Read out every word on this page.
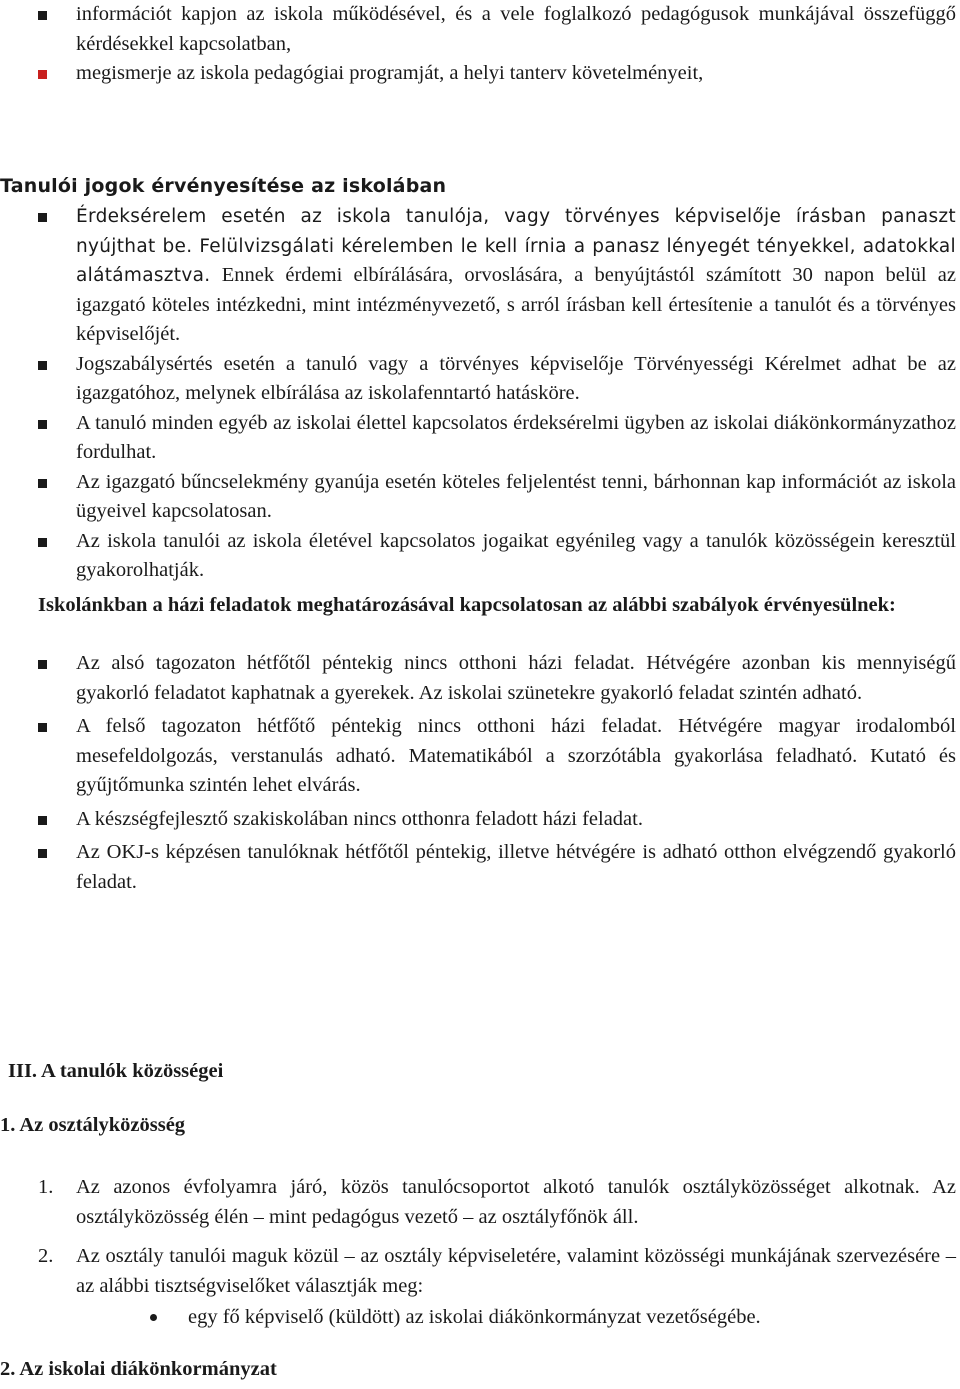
információt kapjon az iskola működésével, és a vele foglalkozó pedagógusok munkájával összefüggő kérdésekkel kapcsolatban,
megismerje az iskola pedagógiai programját, a helyi tanterv követelményeit,
Tanulói jogok érvényesítése az iskolában
Érdeksérelem esetén az iskola tanulója, vagy törvényes képviselője írásban panaszt nyújthat be. Felülvizsgálati kérelemben le kell írnia a panasz lényegét tényekkel, adatokkal alátámasztva. Ennek érdemi elbírálására, orvoslására, a benyújtástól számított 30 napon belül az igazgató köteles intézkedni, mint intézményvezető, s arról írásban kell értesítenie a tanulót és a törvényes képviselőjét.
Jogszabálysértés esetén a tanuló vagy a törvényes képviselője Törvényességi Kérelmet adhat be az igazgatóhoz, melynek elbírálása az iskolafenntartó hatásköre.
A tanuló minden egyéb az iskolai élettel kapcsolatos érdeksérelmi ügyben az iskolai diákönkormányzathoz fordulhat.
Az igazgató bűncselekmény gyanúja esetén köteles feljelentést tenni, bárhonnan kap információt az iskola ügyeivel kapcsolatosan.
Az iskola tanulói az iskola életével kapcsolatos jogaikat egyénileg vagy a tanulók közösségein keresztül gyakorolhatják.
Iskolánkban a házi feladatok meghatározásával kapcsolatosan az alábbi szabályok érvényesülnek:
Az alsó tagozaton hétfőtől péntekig nincs otthoni házi feladat. Hétvégére azonban kis mennyiségű gyakorló feladatot kaphatnak a gyerekek. Az iskolai szünetekre gyakorló feladat szintén adható.
A felső tagozaton hétfőtő péntekig nincs otthoni házi feladat. Hétvégére magyar irodalomból mesefeldolgozás, verstanulás adható. Matematikából a szorzótábla gyakorlása feladható. Kutató és gyűjtőmunka szintén lehet elvárás.
A készségfejlesztő szakiskolában nincs otthonra feladott házi feladat.
Az OKJ-s képzésen tanulóknak hétfőtől péntekig, illetve hétvégére is adható otthon elvégzendő gyakorló feladat.
III. A tanulók közösségei
1. Az osztályközösség
1. Az azonos évfolyamra járó, közös tanulócsoportot alkotó tanulók osztályközösséget alkotnak. Az osztályközösség élén – mint pedagógus vezető – az osztályfőnök áll.
2. Az osztály tanulói maguk közül – az osztály képviseletére, valamint közösségi munkájának szervezésére – az alábbi tisztségviselőket választják meg:
egy fő képviselő (küldött) az iskolai diákönkormányzat vezetőségébe.
2. Az iskolai diákönkormányzat
